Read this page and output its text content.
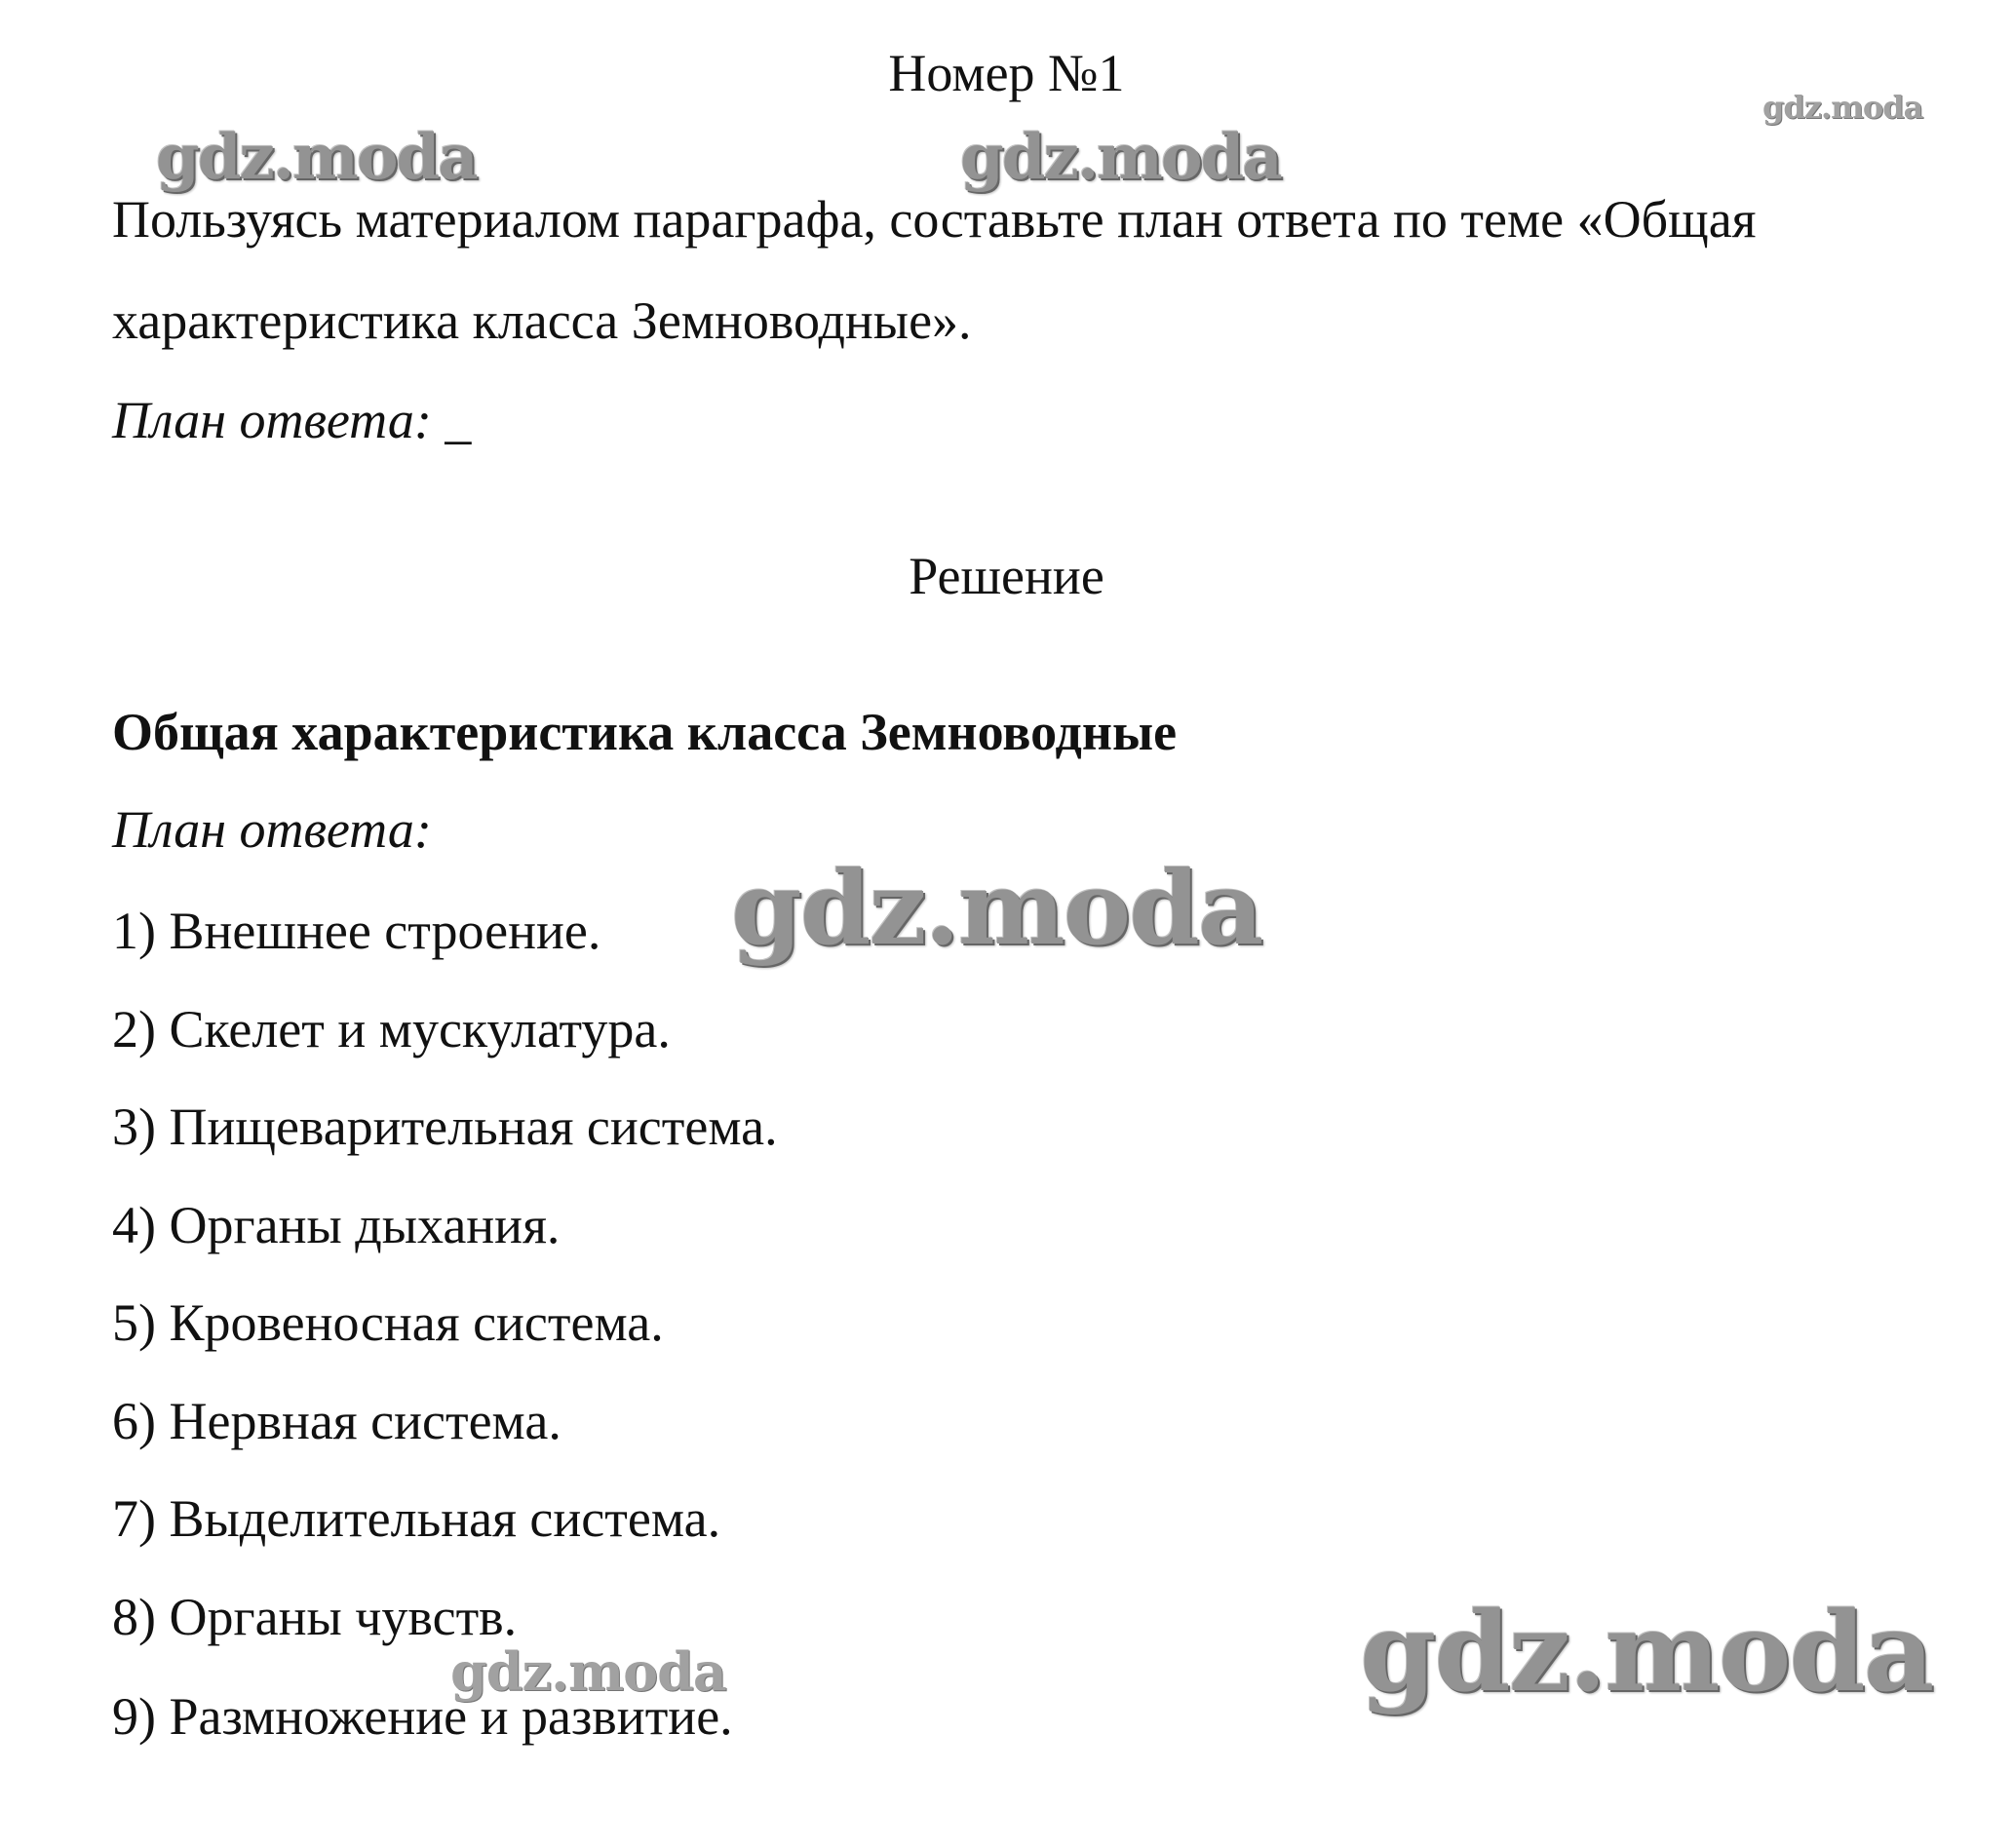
Номер №1
Пользуясь материалом параграфа, составьте план ответа по теме «Общая
характеристика класса Земноводные».
План ответа: _
Решение
Общая характеристика класса Земноводные
План ответа:
1) Внешнее строение.
2) Скелет и мускулатура.
3) Пищеварительная система.
4) Органы дыхания.
5) Кровеносная система.
6) Нервная система.
7) Выделительная система.
8) Органы чувств.
9) Размножение и развитие.
gdz.moda
gdz.moda	gdz.moda
gdz.moda
gdz.moda	gdz.moda
